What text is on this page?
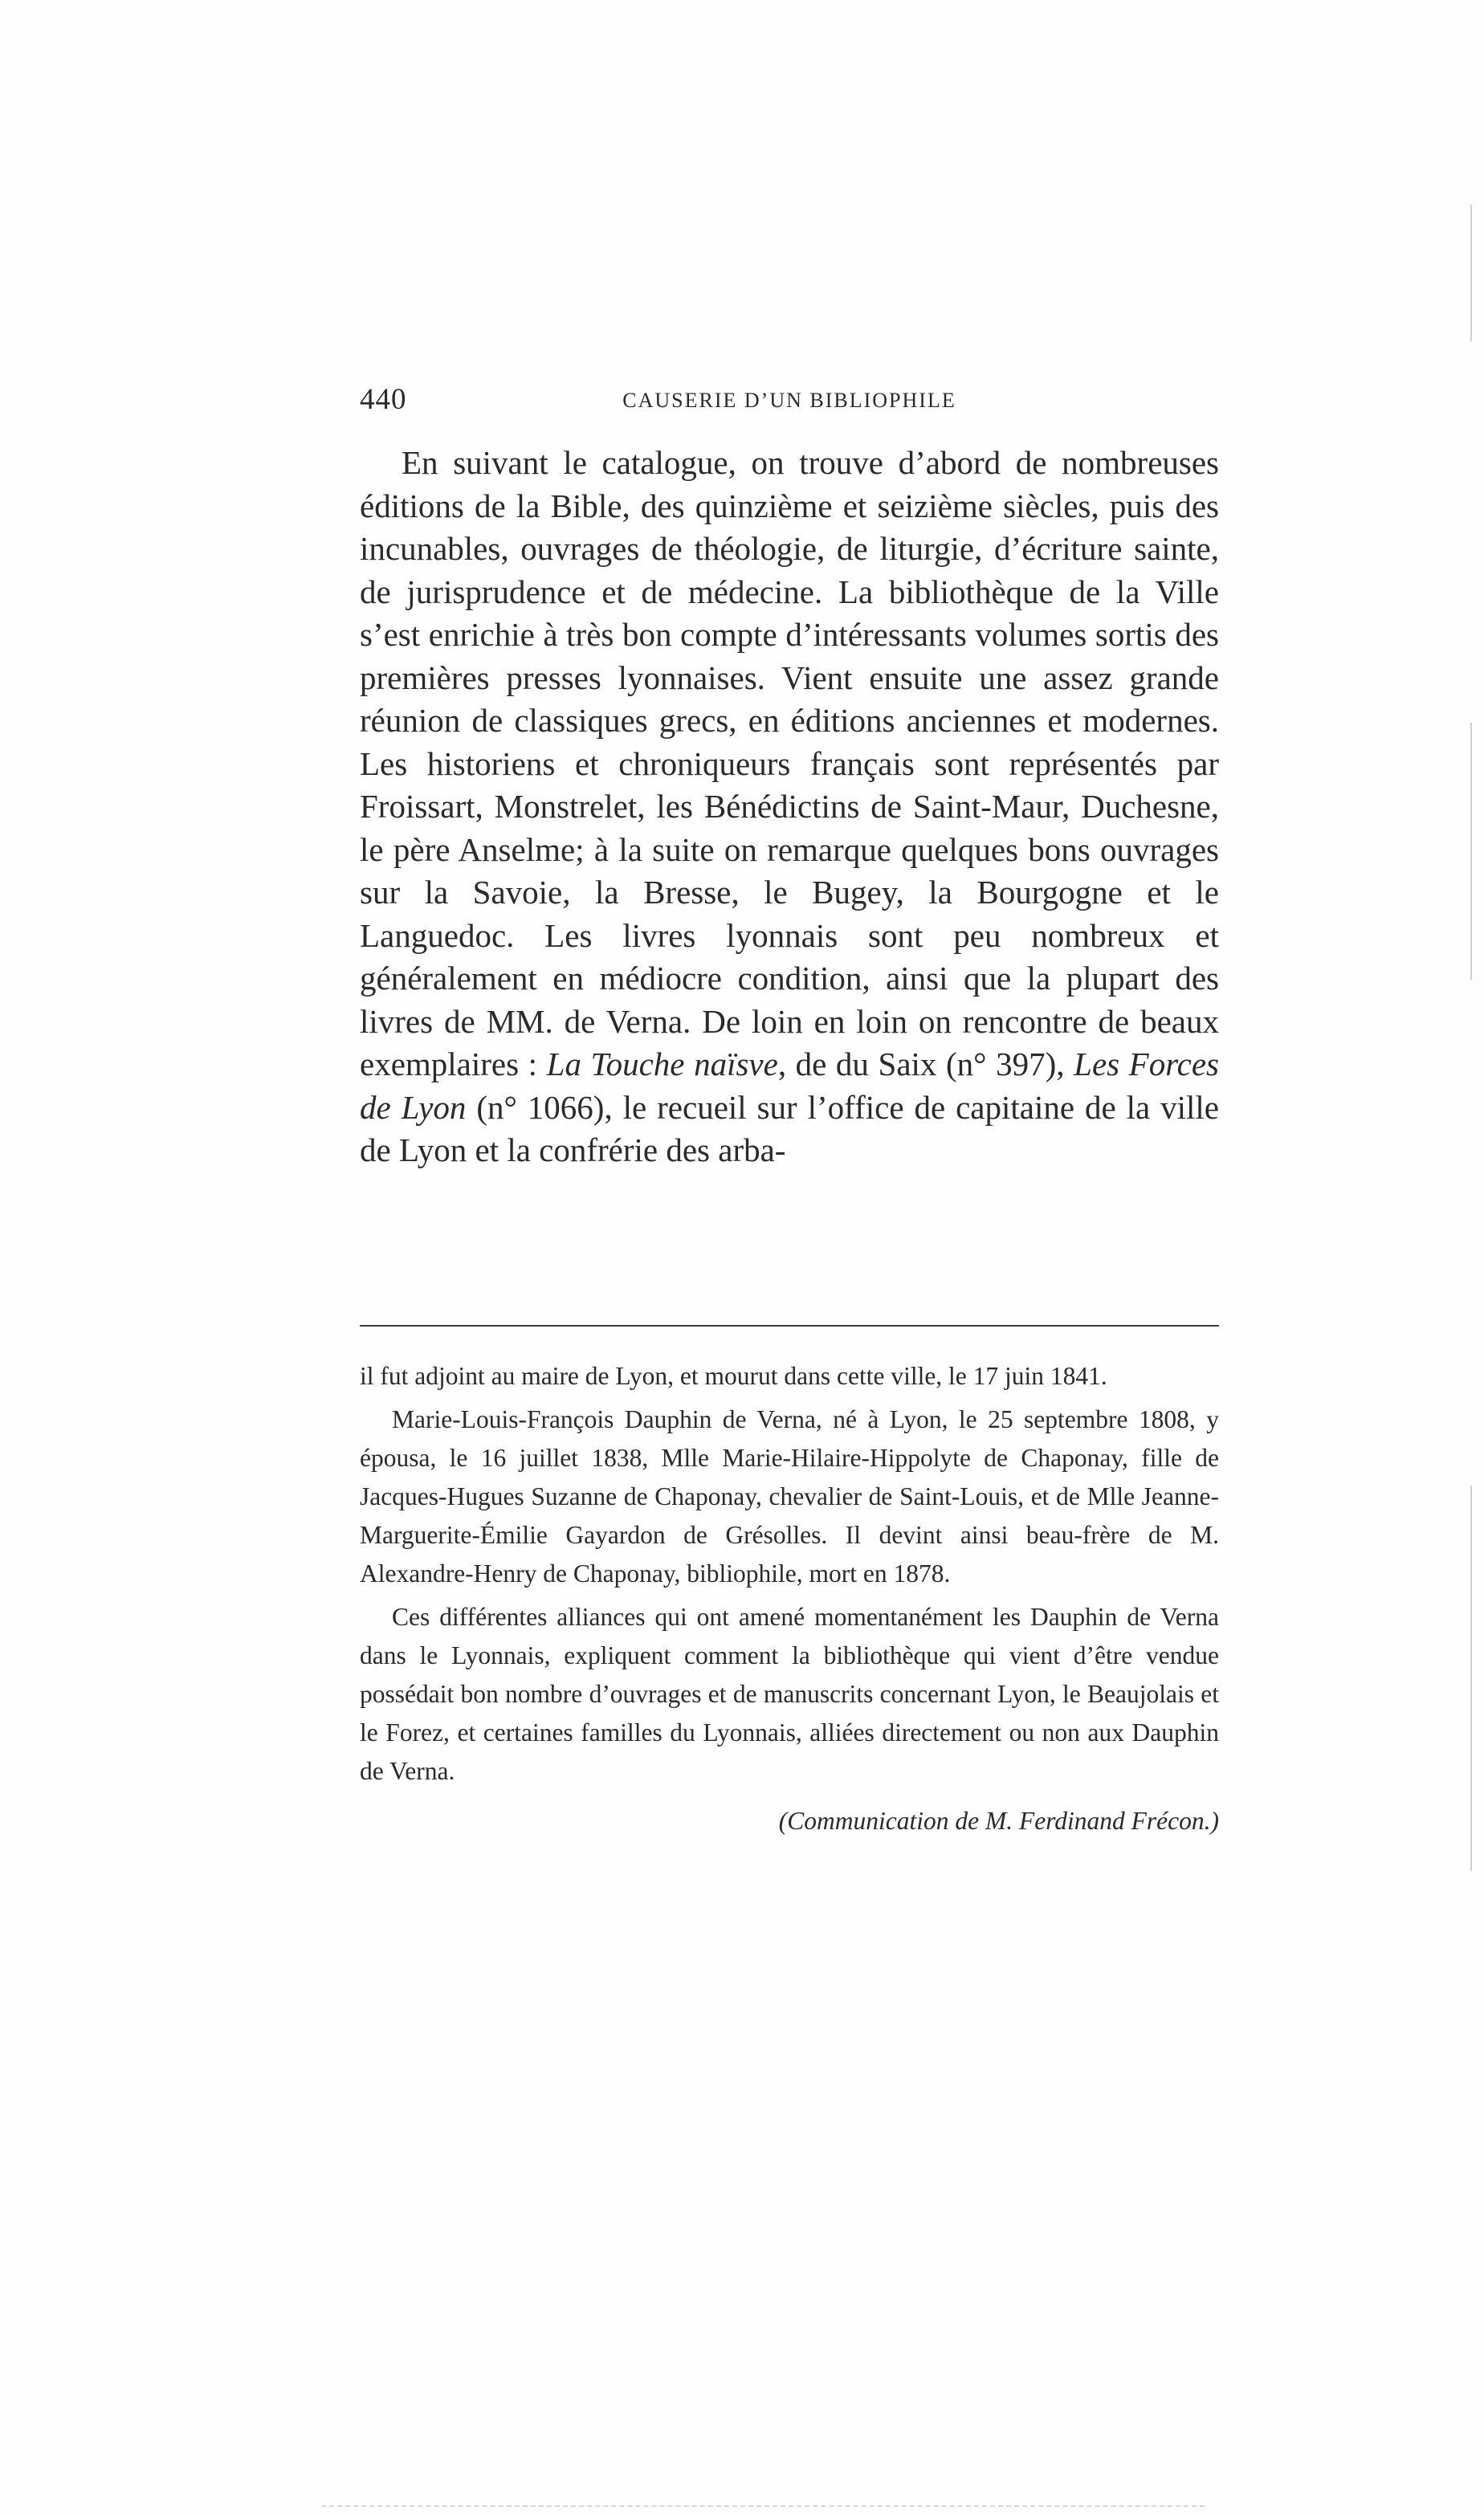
440	CAUSERIE D’UN BIBLIOPHILE

En suivant le catalogue, on trouve d’abord de nombreuses éditions de la Bible, des quinzième et seizième siècles, puis des incunables, ouvrages de théologie, de liturgie, d’écriture sainte, de jurisprudence et de médecine. La bibliothèque de la Ville s’est enrichie à très bon compte d’intéressants volumes sortis des premières presses lyonnaises. Vient ensuite une assez grande réunion de classiques grecs, en éditions anciennes et modernes. Les historiens et chroniqueurs français sont représentés par Froissart, Monstrelet, les Bénédictins de Saint-Maur, Duchesne, le père Anselme; à la suite on remarque quelques bons ouvrages sur la Savoie, la Bresse, le Bugey, la Bourgogne et le Languedoc. Les livres lyonnais sont peu nombreux et généralement en médiocre condition, ainsi que la plupart des livres de MM. de Verna. De loin en loin on rencontre de beaux exemplaires : La Touche naïsve, de du Saix (n° 397), Les Forces de Lyon (n° 1066), le recueil sur l’office de capitaine de la ville de Lyon et la confrérie des arba-

il fut adjoint au maire de Lyon, et mourut dans cette ville, le 17 juin 1841.

Marie-Louis-François Dauphin de Verna, né à Lyon, le 25 septembre 1808, y épousa, le 16 juillet 1838, Mlle Marie-Hilaire-Hippolyte de Chaponay, fille de Jacques-Hugues Suzanne de Chaponay, chevalier de Saint-Louis, et de Mlle Jeanne-Marguerite-Émilie Gayardon de Grésolles. Il devint ainsi beau-frère de M. Alexandre-Henry de Chaponay, bibliophile, mort en 1878.

Ces différentes alliances qui ont amené momentanément les Dauphin de Verna dans le Lyonnais, expliquent comment la bibliothèque qui vient d’être vendue possédait bon nombre d’ouvrages et de manuscrits concernant Lyon, le Beaujolais et le Forez, et certaines familles du Lyonnais, alliées directement ou non aux Dauphin de Verna.

(Communication de M. Ferdinand Frécon.)
